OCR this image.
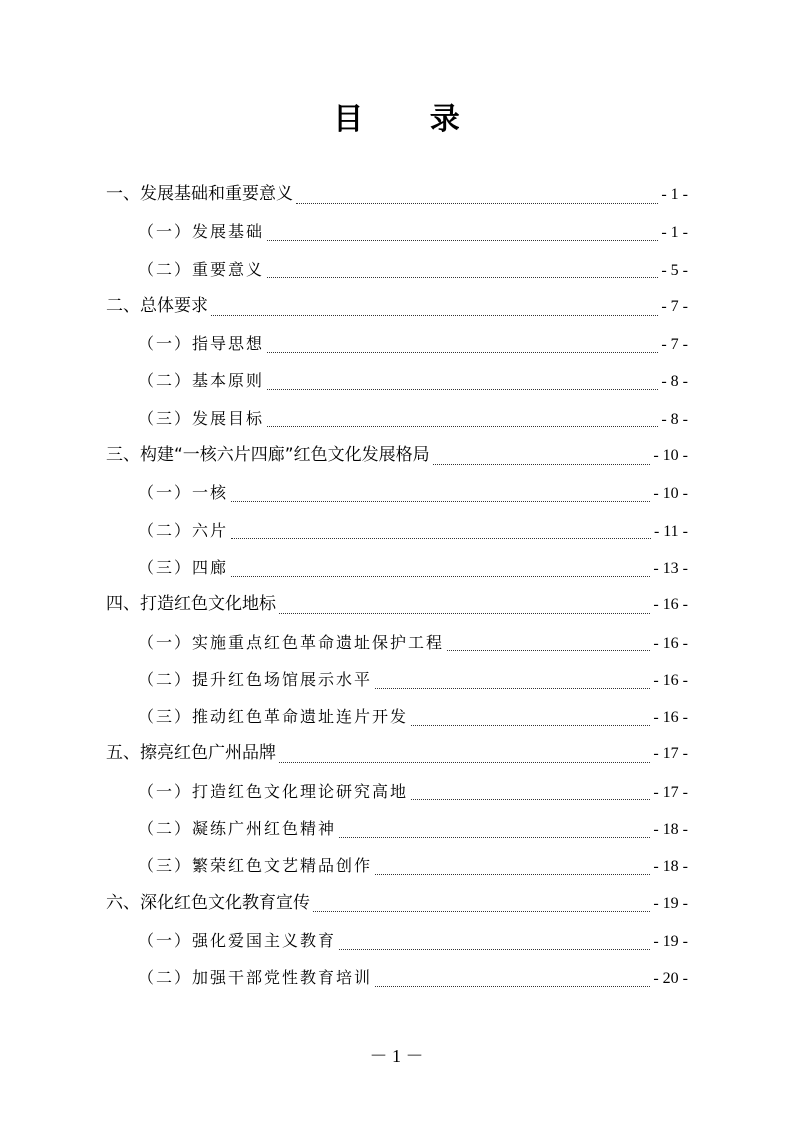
目 录
一、发展基础和重要意义	- 1 -
（一）发展基础	- 1 -
（二）重要意义	- 5 -
二、总体要求	- 7 -
（一）指导思想	- 7 -
（二）基本原则	- 8 -
（三）发展目标	- 8 -
三、构建“一核六片四廊”红色文化发展格局	- 10 -
（一）一核	- 10 -
（二）六片	- 11 -
（三）四廊	- 13 -
四、打造红色文化地标	- 16 -
（一）实施重点红色革命遗址保护工程	- 16 -
（二）提升红色场馆展示水平	- 16 -
（三）推动红色革命遗址连片开发	- 16 -
五、擦亮红色广州品牌	- 17 -
（一）打造红色文化理论研究高地	- 17 -
（二）凝练广州红色精神	- 18 -
（三）繁荣红色文艺精品创作	- 18 -
六、深化红色文化教育宣传	- 19 -
（一）强化爱国主义教育	- 19 -
（二）加强干部党性教育培训	- 20 -
－ 1 －
